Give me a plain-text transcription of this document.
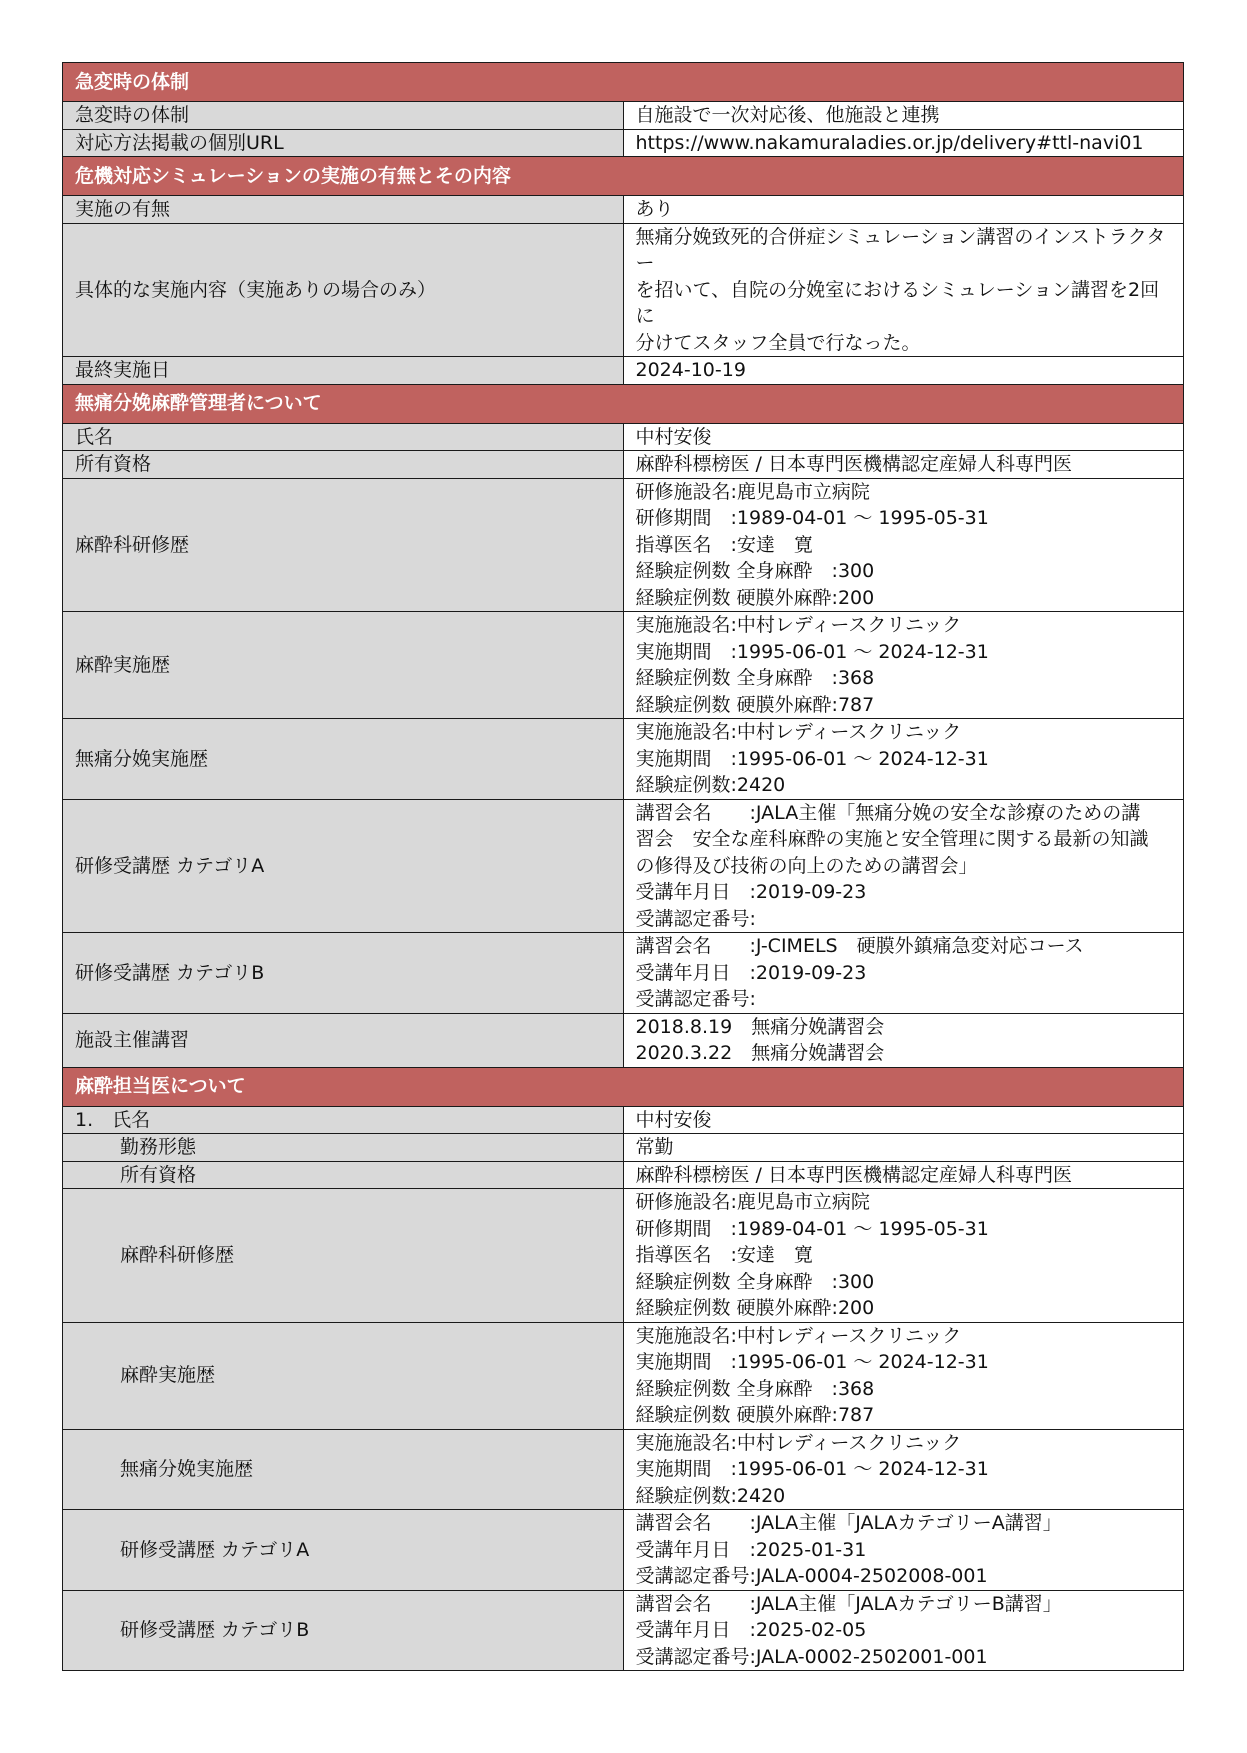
急変時の体制	
急変時の体制	自施設で一次対応後、他施設と連携
対応方法掲載の個別URL	https://www.nakamuraladies.or.jp/delivery#ttl-navi01
危機対応シミュレーションの実施の有無とその内容	
実施の有無	あり
具体的な実施内容（実施ありの場合のみ）	無痛分娩致死的合併症シミュレーション講習のインストラクター
を招いて、自院の分娩室におけるシミュレーション講習を2回に
分けてスタッフ全員で行なった。
最終実施日	2024-10-19
無痛分娩麻酔管理者について	
氏名	中村安俊
所有資格	麻酔科標榜医 / 日本専門医機構認定産婦人科専門医
麻酔科研修歴	研修施設名:鹿児島市立病院
研修期間　:1989-04-01 ～ 1995-05-31
指導医名　:安達　寛
経験症例数 全身麻酔　:300
経験症例数 硬膜外麻酔:200
麻酔実施歴	実施施設名:中村レディースクリニック
実施期間　:1995-06-01 ～ 2024-12-31
経験症例数 全身麻酔　:368
経験症例数 硬膜外麻酔:787
無痛分娩実施歴	実施施設名:中村レディースクリニック
実施期間　:1995-06-01 ～ 2024-12-31
経験症例数:2420
研修受講歴 カテゴリA	講習会名　　:JALA主催「無痛分娩の安全な診療のための講
習会　安全な産科麻酔の実施と安全管理に関する最新の知識
の修得及び技術の向上のための講習会」
受講年月日　:2019-09-23
受講認定番号:
研修受講歴 カテゴリB	講習会名　　:J-CIMELS　硬膜外鎮痛急変対応コース
受講年月日　:2019-09-23
受講認定番号:
施設主催講習	2018.8.19　無痛分娩講習会
2020.3.22　無痛分娩講習会
麻酔担当医について	
1.　氏名	中村安俊
勤務形態	常勤
所有資格	麻酔科標榜医 / 日本専門医機構認定産婦人科専門医
麻酔科研修歴	研修施設名:鹿児島市立病院
研修期間　:1989-04-01 ～ 1995-05-31
指導医名　:安達　寛
経験症例数 全身麻酔　:300
経験症例数 硬膜外麻酔:200
麻酔実施歴	実施施設名:中村レディースクリニック
実施期間　:1995-06-01 ～ 2024-12-31
経験症例数 全身麻酔　:368
経験症例数 硬膜外麻酔:787
無痛分娩実施歴	実施施設名:中村レディースクリニック
実施期間　:1995-06-01 ～ 2024-12-31
経験症例数:2420
研修受講歴 カテゴリA	講習会名　　:JALA主催「JALAカテゴリーA講習」
受講年月日　:2025-01-31
受講認定番号:JALA-0004-2502008-001
研修受講歴 カテゴリB	講習会名　　:JALA主催「JALAカテゴリーB講習」
受講年月日　:2025-02-05
受講認定番号:JALA-0002-2502001-001
